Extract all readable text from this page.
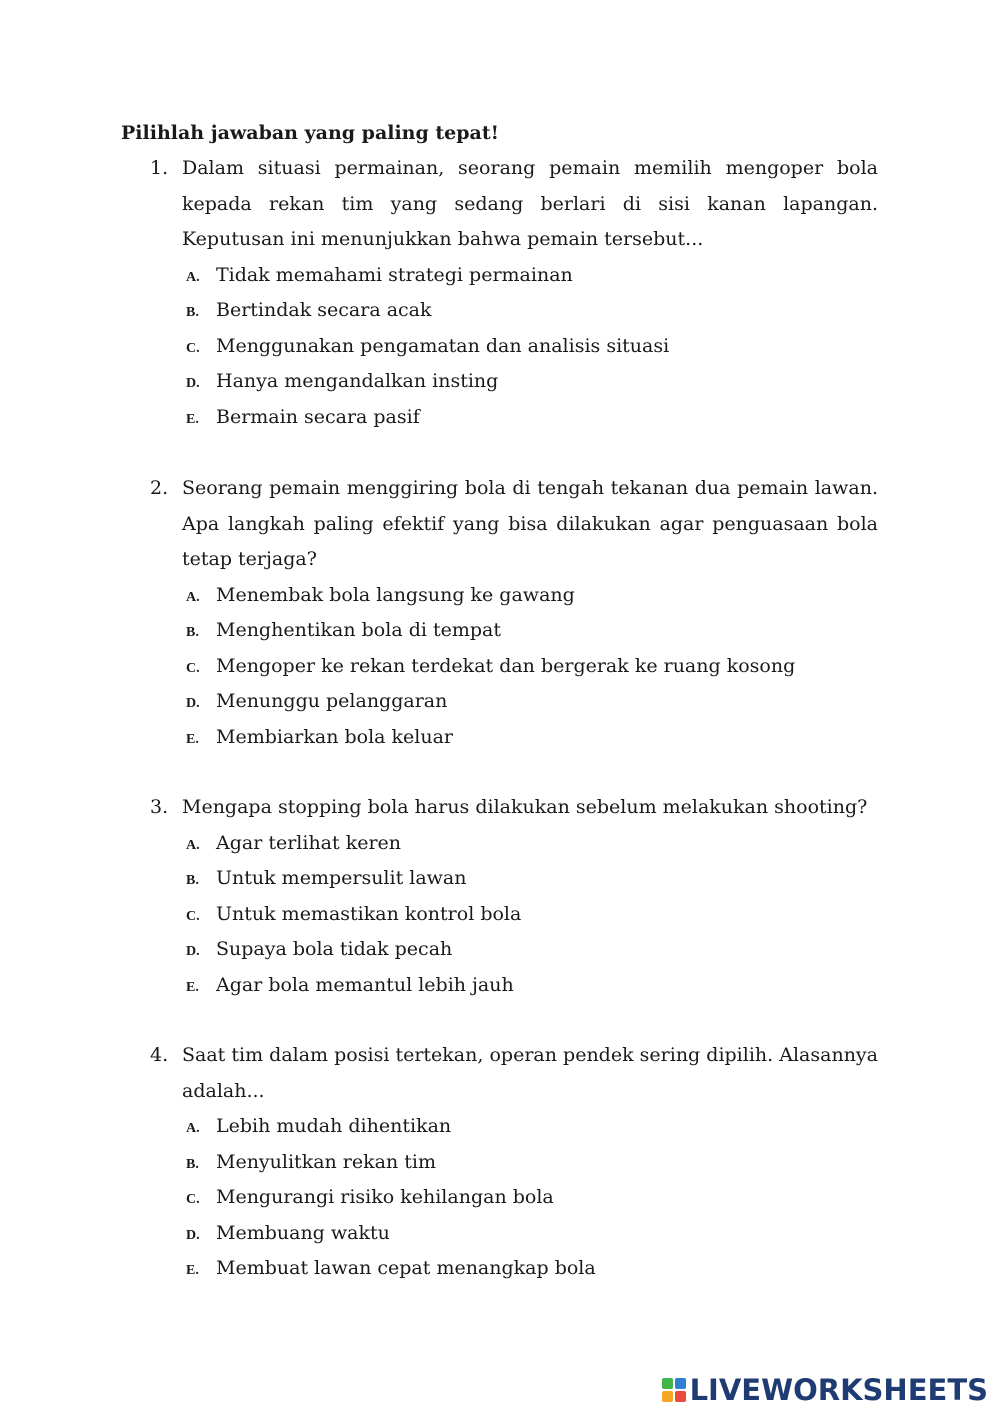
Pilihlah jawaban yang paling tepat!
1. Dalam situasi permainan, seorang pemain memilih mengoper bola kepada rekan tim yang sedang berlari di sisi kanan lapangan. Keputusan ini menunjukkan bahwa pemain tersebut...
A. Tidak memahami strategi permainan
B. Bertindak secara acak
C. Menggunakan pengamatan dan analisis situasi
D. Hanya mengandalkan insting
E. Bermain secara pasif
2. Seorang pemain menggiring bola di tengah tekanan dua pemain lawan. Apa langkah paling efektif yang bisa dilakukan agar penguasaan bola tetap terjaga?
A. Menembak bola langsung ke gawang
B. Menghentikan bola di tempat
C. Mengoper ke rekan terdekat dan bergerak ke ruang kosong
D. Menunggu pelanggaran
E. Membiarkan bola keluar
3. Mengapa stopping bola harus dilakukan sebelum melakukan shooting?
A. Agar terlihat keren
B. Untuk mempersulit lawan
C. Untuk memastikan kontrol bola
D. Supaya bola tidak pecah
E. Agar bola memantul lebih jauh
4. Saat tim dalam posisi tertekan, operan pendek sering dipilih. Alasannya adalah...
A. Lebih mudah dihentikan
B. Menyulitkan rekan tim
C. Mengurangi risiko kehilangan bola
D. Membuang waktu
E. Membuat lawan cepat menangkap bola
LIVEWORKSHEETS
